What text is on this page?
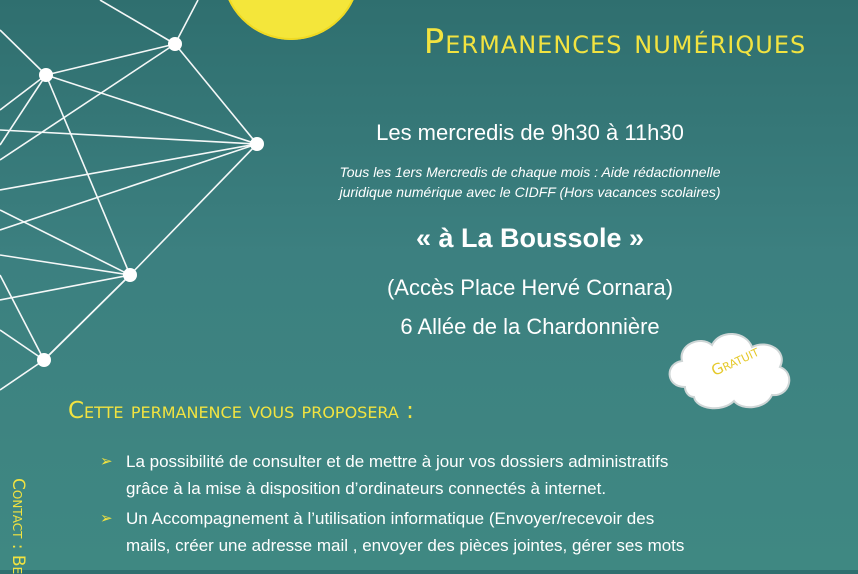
Permanences numériques
Les mercredis de 9h30 à 11h30
Tous les 1ers Mercredis de chaque mois : Aide rédactionnelle
juridique numérique avec le CIDFF (Hors vacances scolaires)
« à La Boussole »
(Accès Place Hervé Cornara)
6 Allée de la Chardonnière
Gratuit
Cette permanence vous proposera :
➢ La possibilité de consulter et de mettre à jour vos dossiers administratifs
grâce à la mise à disposition d’ordinateurs connectés à internet.
➢ Un Accompagnement à l’utilisation informatique (Envoyer/recevoir des
mails, créer une adresse mail , envoyer des pièces jointes, gérer ses mots
Contact : Be
